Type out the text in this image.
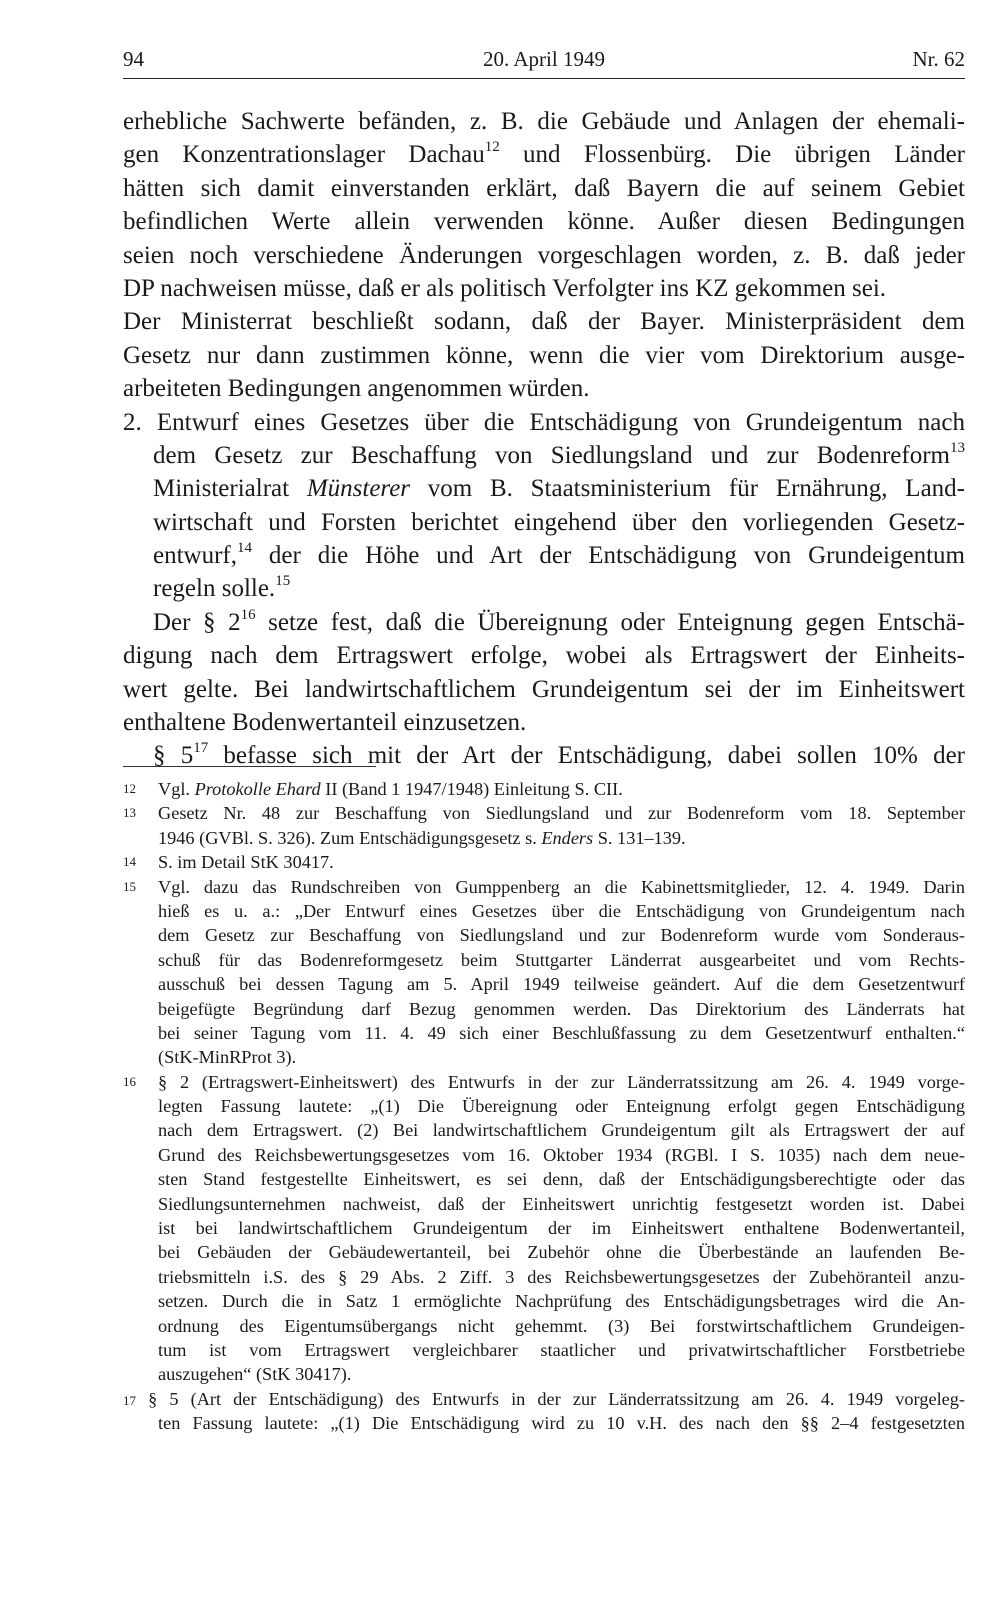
94	20. April 1949	Nr. 62
erhebliche Sachwerte befänden, z. B. die Gebäude und Anlagen der ehemali-
gen Konzentrationslager Dachau$^{12}$ und Flossenbürg. Die übrigen Länder
hätten sich damit einverstanden erklärt, daß Bayern die auf seinem Gebiet
befindlichen Werte allein verwenden könne. Außer diesen Bedingungen
seien noch verschiedene Änderungen vorgeschlagen worden, z. B. daß jeder
DP nachweisen müsse, daß er als politisch Verfolgter ins KZ gekommen sei.
Der Ministerrat beschließt sodann, daß der Bayer. Ministerpräsident dem
Gesetz nur dann zustimmen könne, wenn die vier vom Direktorium ausge-
arbeiteten Bedingungen angenommen würden.
2. Entwurf eines Gesetzes über die Entschädigung von Grundeigentum nach
dem Gesetz zur Beschaffung von Siedlungsland und zur Bodenreform$^{13}$
Ministerialrat Münsterer vom B. Staatsministerium für Ernährung, Land-
wirtschaft und Forsten berichtet eingehend über den vorliegenden Gesetz-
entwurf,$^{14}$ der die Höhe und Art der Entschädigung von Grundeigentum
regeln solle.$^{15}$
Der § $2^{16}$ setze fest, daß die Übereignung oder Enteignung gegen Entschä-
digung nach dem Ertragswert erfolge, wobei als Ertragswert der Einheits-
wert gelte. Bei landwirtschaftlichem Grundeigentum sei der im Einheitswert
enthaltene Bodenwertanteil einzusetzen.
§ $5^{17}$ befasse sich mit der Art der Entschädigung, dabei sollen 10% der
12 Vgl. Protokolle Ehard II (Band 1 1947/1948) Einleitung S. CII.
13 Gesetz Nr. 48 zur Beschaffung von Siedlungsland und zur Bodenreform vom 18. September
1946 (GVBl. S. 326). Zum Entschädigungsgesetz s. Enders S. 131–139.
14 S. im Detail StK 30417.
15 Vgl. dazu das Rundschreiben von Gumppenberg an die Kabinettsmitglieder, 12. 4. 1949. Darin
hieß es u. a.: „Der Entwurf eines Gesetzes über die Entschädigung von Grundeigentum nach
dem Gesetz zur Beschaffung von Siedlungsland und zur Bodenreform wurde vom Sonderaus-
schuß für das Bodenreformgesetz beim Stuttgarter Länderrat ausgearbeitet und vom Rechts-
ausschuß bei dessen Tagung am 5. April 1949 teilweise geändert. Auf die dem Gesetzentwurf
beigefügte Begründung darf Bezug genommen werden. Das Direktorium des Länderrats hat
bei seiner Tagung vom 11. 4. 49 sich einer Beschlußfassung zu dem Gesetzentwurf enthalten.“
(StK-MinRProt 3).
16 § 2 (Ertragswert-Einheitswert) des Entwurfs in der zur Länderratssitzung am 26. 4. 1949 vorge-
legten Fassung lautete: „(1) Die Übereignung oder Enteignung erfolgt gegen Entschädigung
nach dem Ertragswert. (2) Bei landwirtschaftlichem Grundeigentum gilt als Ertragswert der auf
Grund des Reichsbewertungsgesetzes vom 16. Oktober 1934 (RGBl. I S. 1035) nach dem neue-
sten Stand festgestellte Einheitswert, es sei denn, daß der Entschädigungsberechtigte oder das
Siedlungsunternehmen nachweist, daß der Einheitswert unrichtig festgesetzt worden ist. Dabei
ist bei landwirtschaftlichem Grundeigentum der im Einheitswert enthaltene Bodenwertanteil,
bei Gebäuden der Gebäudewertanteil, bei Zubehör ohne die Überbestände an laufenden Be-
triebsmitteln i.S. des § 29 Abs. 2 Ziff. 3 des Reichsbewertungsgesetzes der Zubehöranteil anzu-
setzen. Durch die in Satz 1 ermöglichte Nachprüfung des Entschädigungsbetrages wird die An-
ordnung des Eigentumsübergangs nicht gehemmt. (3) Bei forstwirtschaftlichem Grundeigen-
tum ist vom Ertragswert vergleichbarer staatlicher und privatwirtschaftlicher Forstbetriebe
auszugehen“ (StK 30417).
17 § 5 (Art der Entschädigung) des Entwurfs in der zur Länderratssitzung am 26. 4. 1949 vorgeleg-
ten Fassung lautete: „(1) Die Entschädigung wird zu 10 v.H. des nach den §§ 2–4 festgesetzten
